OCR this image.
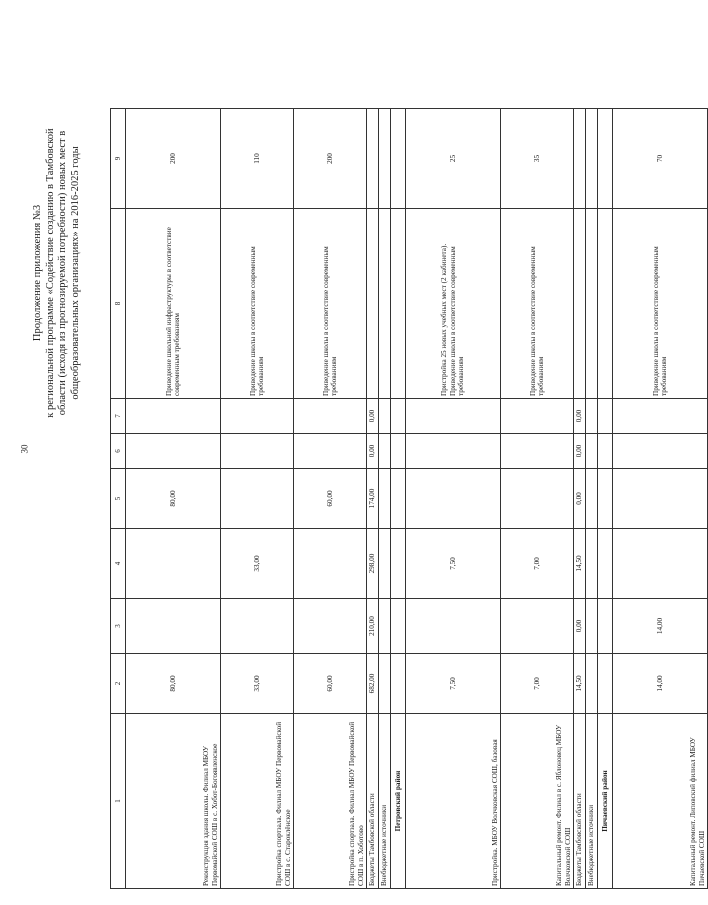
30
Продолжение приложения №3 к региональной программе «Содействие созданию в Тамбовской области (исходя из прогнозируемой потребности) новых мест в общеобразовательных организациях» на 2016-2025 годы
1	2	3	4	5	6	7	8	9
Реконструкция здания школы. Филиал МБОУ Первомайской СОШ в с. Хобот-Богоявленское	80,00			80,00			Приведение школьной инфраструктуры в соответствие современным требованиям	200
Пристройка спортзала. Филиал МБОУ Первомайской СОШ в с. Староклёнское	33,00		33,00				Приведение школы в соответствие современным требованиям	110
Пристройка спортзала. Филиал МБОУ Первомайской СОШ в п. Хоботово	60,00			60,00			Приведение школы в соответствие современным требованиям	200
Бюджеты Тамбовской области	682,00	210,00	298,00	174,00	0,00	0,00		
Внебюджетные источники								
Петровский район								
Пристройка. МБОУ Волчковская СОШ, базовая	7,50		7,50				Пристройка 25 новых учебных мест (2 кабинета). Приведение школы в соответствие современным требованиям	25
Капитальный ремонт. Филиал в с. Яблоновец МБОУ Волчковской СОШ	7,00		7,00				Приведение школы в соответствие современным требованиям	35
Бюджеты Тамбовской области	14,50	0,00	14,50	0,00	0,00	0,00		
Внебюджетные источники								
Пичаевский район								
Капитальный ремонт. Липовский филиал МБОУ Пичаевской СОШ	14,00	14,00					Приведение школы в соответствие современным требованиям	70
